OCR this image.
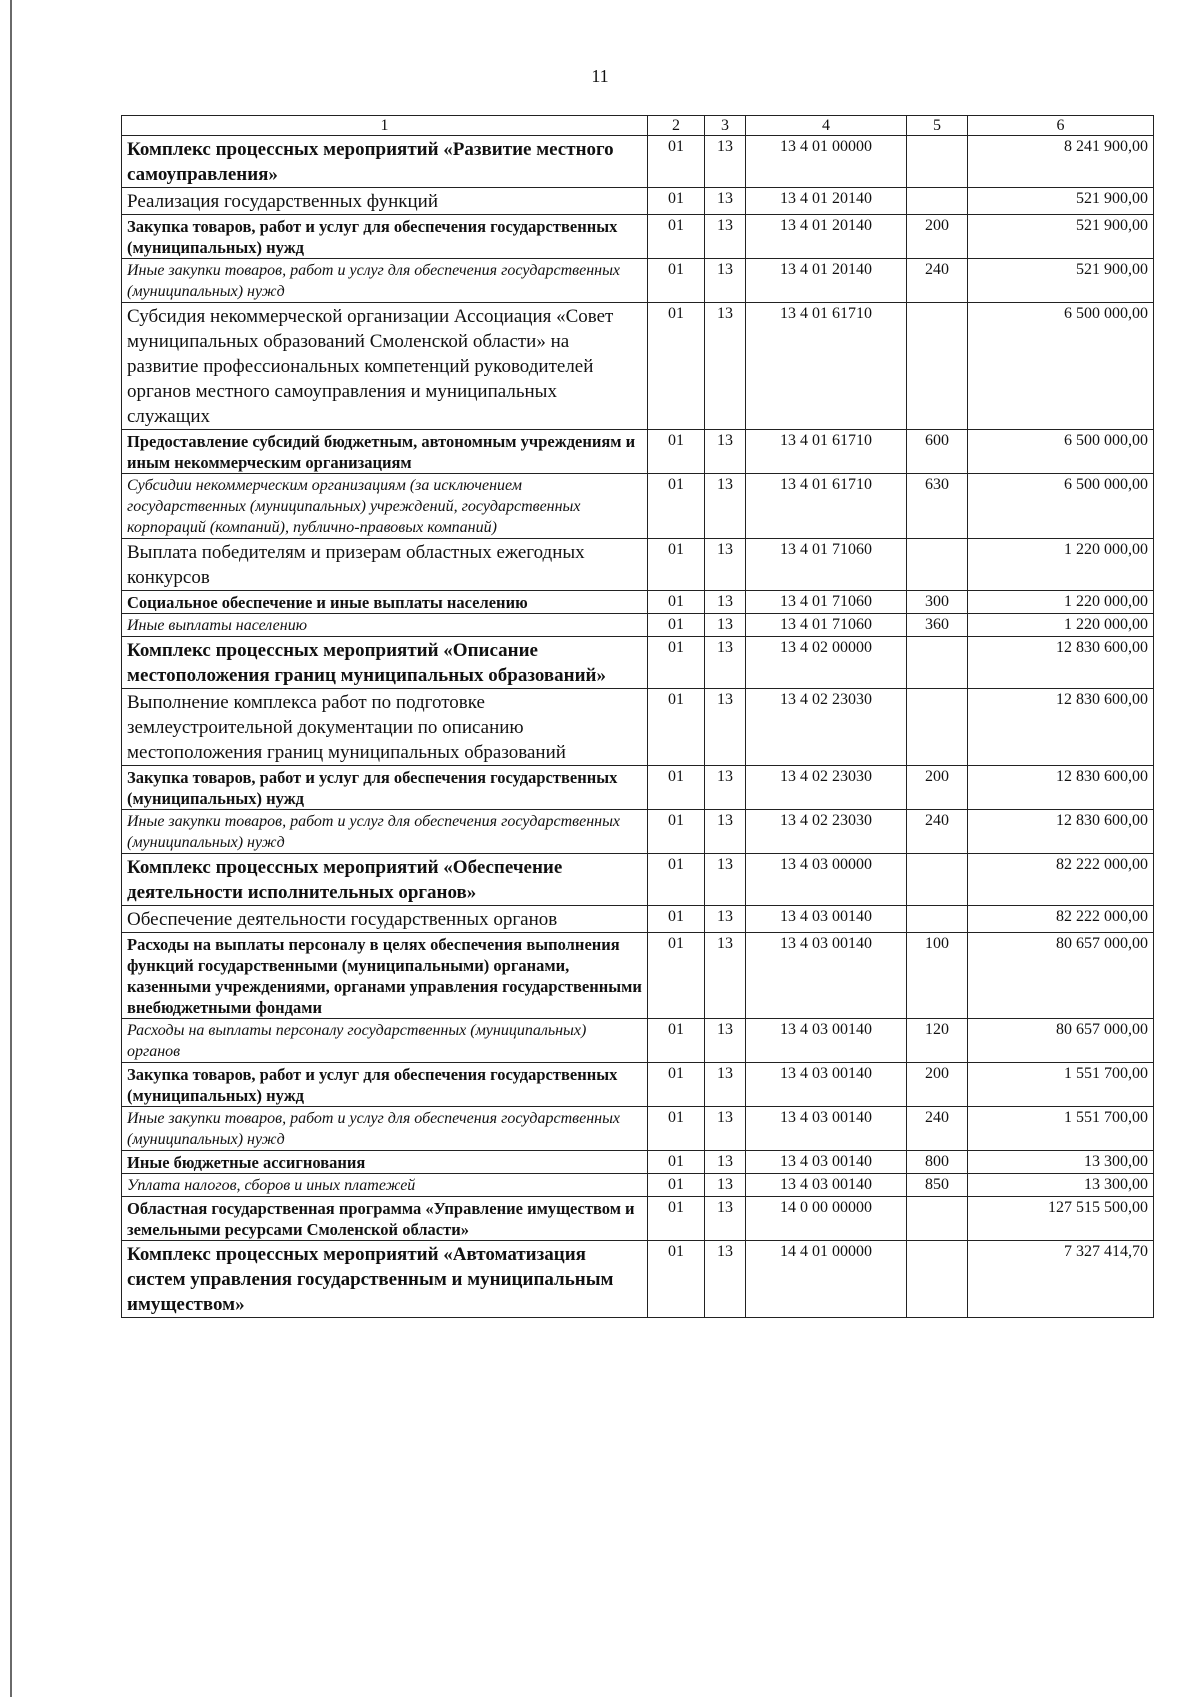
11
1	2	3	4	5	6
Комплекс процессных мероприятий «Развитие местного самоуправления»	01	13	13 4 01 00000		8 241 900,00
Реализация государственных функций	01	13	13 4 01 20140		521 900,00
Закупка товаров, работ и услуг для обеспечения государственных (муниципальных) нужд	01	13	13 4 01 20140	200	521 900,00
Иные закупки товаров, работ и услуг для обеспечения государственных (муниципальных) нужд	01	13	13 4 01 20140	240	521 900,00
Субсидия некоммерческой организации Ассоциация «Совет муниципальных образований Смоленской области» на развитие профессиональных компетенций руководителей органов местного самоуправления и муниципальных служащих	01	13	13 4 01 61710		6 500 000,00
Предоставление субсидий бюджетным, автономным учреждениям и иным некоммерческим организациям	01	13	13 4 01 61710	600	6 500 000,00
Субсидии некоммерческим организациям (за исключением государственных (муниципальных) учреждений, государственных корпораций (компаний), публично-правовых компаний)	01	13	13 4 01 61710	630	6 500 000,00
Выплата победителям и призерам областных ежегодных конкурсов	01	13	13 4 01 71060		1 220 000,00
Социальное обеспечение и иные выплаты населению	01	13	13 4 01 71060	300	1 220 000,00
Иные выплаты населению	01	13	13 4 01 71060	360	1 220 000,00
Комплекс процессных мероприятий «Описание местоположения границ муниципальных образований»	01	13	13 4 02 00000		12 830 600,00
Выполнение комплекса работ по подготовке землеустроительной документации по описанию местоположения границ муниципальных образований	01	13	13 4 02 23030		12 830 600,00
Закупка товаров, работ и услуг для обеспечения государственных (муниципальных) нужд	01	13	13 4 02 23030	200	12 830 600,00
Иные закупки товаров, работ и услуг для обеспечения государственных (муниципальных) нужд	01	13	13 4 02 23030	240	12 830 600,00
Комплекс процессных мероприятий «Обеспечение деятельности исполнительных органов»	01	13	13 4 03 00000		82 222 000,00
Обеспечение деятельности государственных органов	01	13	13 4 03 00140		82 222 000,00
Расходы на выплаты персоналу в целях обеспечения выполнения функций государственными (муниципальными) органами, казенными учреждениями, органами управления государственными внебюджетными фондами	01	13	13 4 03 00140	100	80 657 000,00
Расходы на выплаты персоналу государственных (муниципальных) органов	01	13	13 4 03 00140	120	80 657 000,00
Закупка товаров, работ и услуг для обеспечения государственных (муниципальных) нужд	01	13	13 4 03 00140	200	1 551 700,00
Иные закупки товаров, работ и услуг для обеспечения государственных (муниципальных) нужд	01	13	13 4 03 00140	240	1 551 700,00
Иные бюджетные ассигнования	01	13	13 4 03 00140	800	13 300,00
Уплата налогов, сборов и иных платежей	01	13	13 4 03 00140	850	13 300,00
Областная государственная программа «Управление имуществом и земельными ресурсами Смоленской области»	01	13	14 0 00 00000		127 515 500,00
Комплекс процессных мероприятий «Автоматизация систем управления государственным и муниципальным имуществом»	01	13	14 4 01 00000		7 327 414,70
